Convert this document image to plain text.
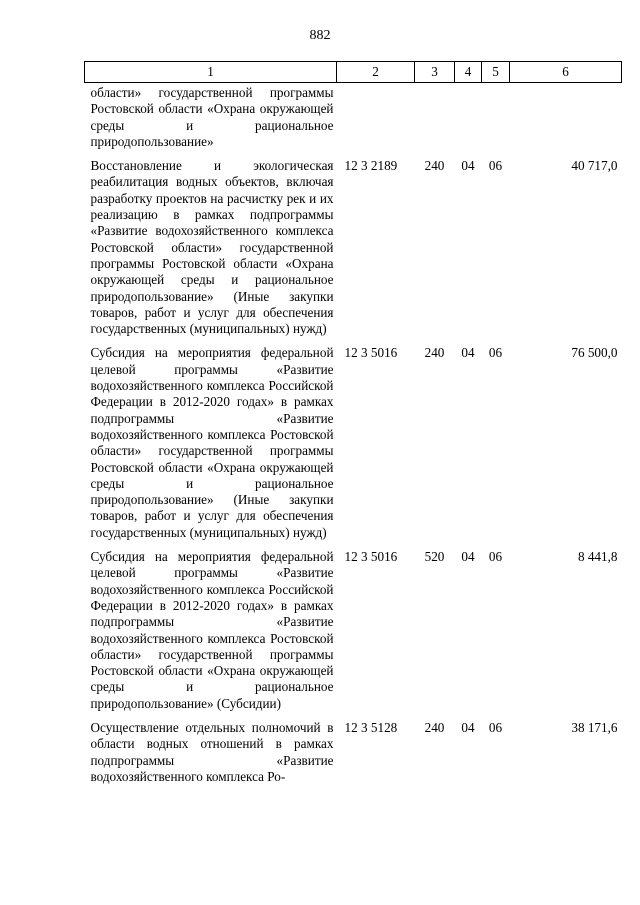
882
1	2	3	4	5	6
области» государственной программы Ростовской области «Охрана окружающей среды и рациональное природопользование»					
Восстановление и экологическая реабилитация водных объектов, включая разработку проектов на расчистку рек и их реализацию в рамках подпрограммы «Развитие водохозяйственного комплекса Ростовской области» государственной программы Ростовской области «Охрана окружающей среды и рациональное природопользование» (Иные закупки товаров, работ и услуг для обеспечения государственных (муниципальных) нужд)	12 3 2189	240	04	06	40 717,0
Субсидия на мероприятия федеральной целевой программы «Развитие водохозяйственного комплекса Российской Федерации в 2012-2020 годах» в рамках подпрограммы «Развитие водохозяйственного комплекса Ростовской области» государственной программы Ростовской области «Охрана окружающей среды и рациональное природопользование» (Иные закупки товаров, работ и услуг для обеспечения государственных (муниципальных) нужд)	12 3 5016	240	04	06	76 500,0
Субсидия на мероприятия федеральной целевой программы «Развитие водохозяйственного комплекса Российской Федерации в 2012-2020 годах» в рамках подпрограммы «Развитие водохозяйственного комплекса Ростовской области» государственной программы Ростовской области «Охрана окружающей среды и рациональное природопользование» (Субсидии)	12 3 5016	520	04	06	8 441,8
Осуществление отдельных полномочий в области водных отношений в рамках подпрограммы «Развитие водохозяйственного комплекса Ро-	12 3 5128	240	04	06	38 171,6
